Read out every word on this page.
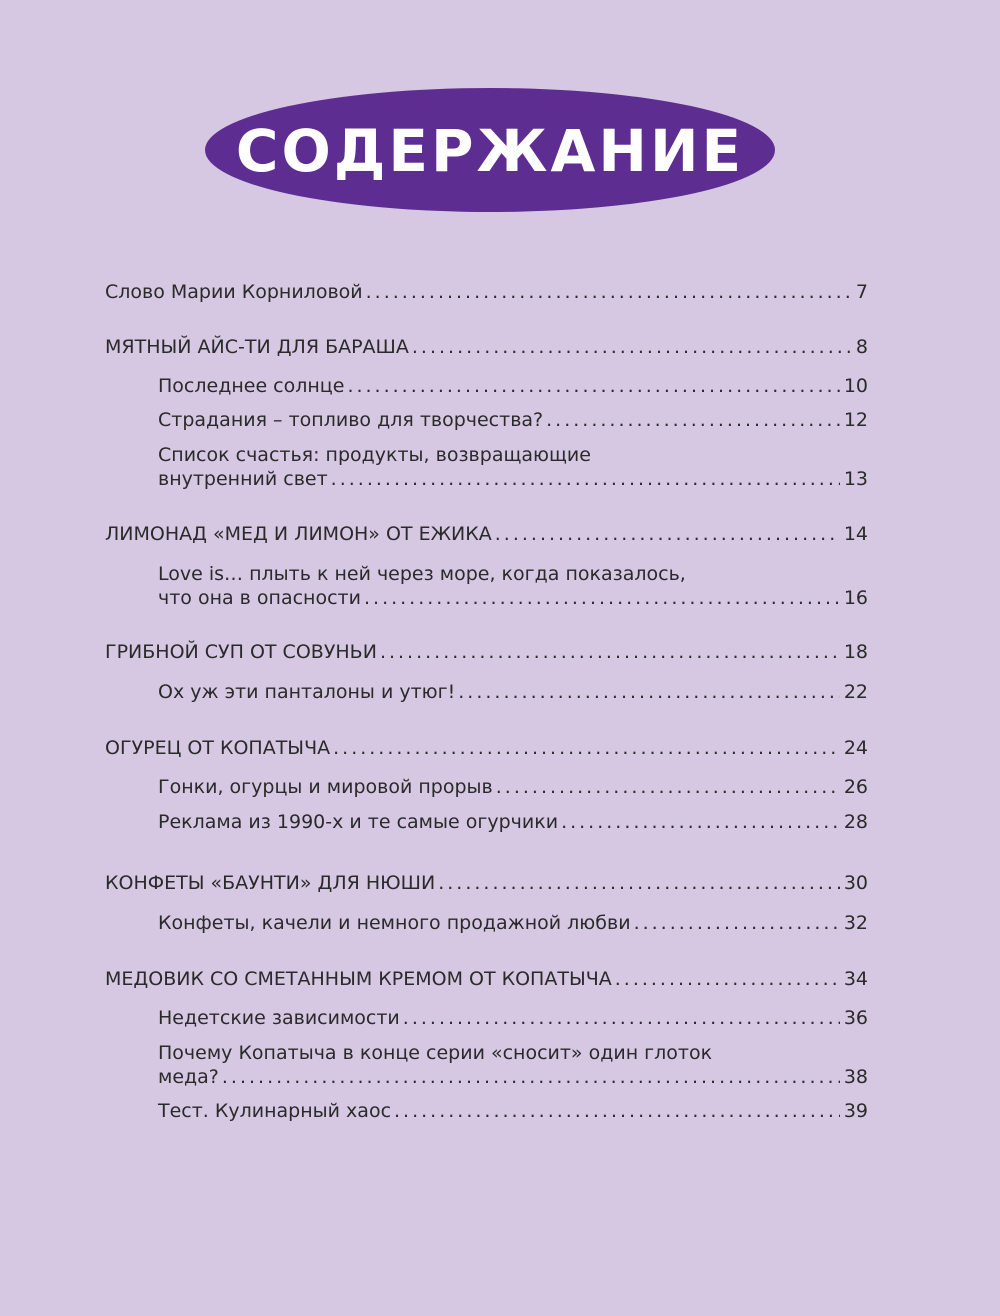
СОДЕРЖАНИЕ
Слово Марии Корниловой .....	7
МЯТНЫЙ АЙС-ТИ ДЛЯ БАРАША .....	8
Последнее солнце .....	10
Страдания – топливо для творчества? .....	12
Список счастья: продукты, возвращающие
внутренний свет .....	13
ЛИМОНАД «МЕД И ЛИМОН» ОТ ЕЖИКА .....	14
Love is… плыть к ней через море, когда показалось,
что она в опасности .....	16
ГРИБНОЙ СУП ОТ СОВУНЬИ .....	18
Ох уж эти панталоны и утюг! .....	22
ОГУРЕЦ ОТ КОПАТЫЧА .....	24
Гонки, огурцы и мировой прорыв .....	26
Реклама из 1990-х и те самые огурчики .....	28
КОНФЕТЫ «БАУНТИ» ДЛЯ НЮШИ .....	30
Конфеты, качели и немного продажной любви .....	32
МЕДОВИК СО СМЕТАННЫМ КРЕМОМ ОТ КОПАТЫЧА .....	34
Недетские зависимости .....	36
Почему Копатыча в конце серии «сносит» один глоток
меда? .....	38
Тест. Кулинарный хаос .....	39
